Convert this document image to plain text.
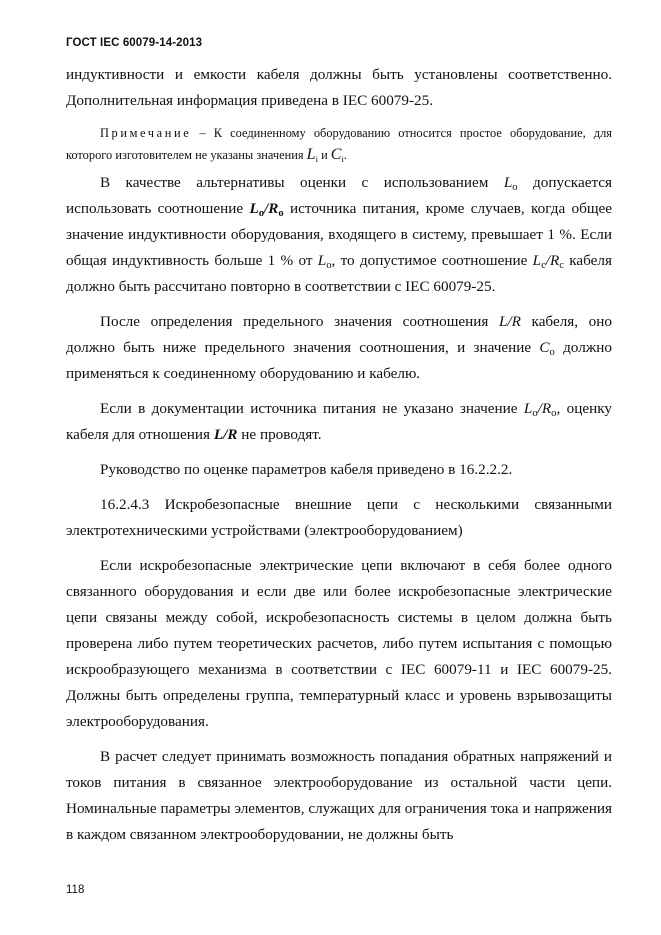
ГОСТ IEC 60079-14-2013

индуктивности и емкости кабеля должны быть установлены соответственно. Дополнительная информация приведена в IEC 60079-25.

Примечание – К соединенному оборудованию относится простое оборудование, для которого изготовителем не указаны значения $L_i$ и $C_i$.

В качестве альтернативы оценки с использованием $L_o$ допускается использовать соотношение $L_o/R_o$ источника питания, кроме случаев, когда общее значение индуктивности оборудования, входящего в систему, превышает 1 %. Если общая индуктивность больше 1 % от $L_o$, то допустимое соотношение $L_c/R_c$ кабеля должно быть рассчитано повторно в соответствии с IEC 60079-25.

После определения предельного значения соотношения L/R кабеля, оно должно быть ниже предельного значения соотношения, и значение $C_o$ должно применяться к соединенному оборудованию и кабелю.

Если в документации источника питания не указано значение $L_o/R_o$, оценку кабеля для отношения L/R не проводят.

Руководство по оценке параметров кабеля приведено в 16.2.2.2.

16.2.4.3 Искробезопасные внешние цепи с несколькими связанными электротехническими устройствами (электрооборудованием)

Если искробезопасные электрические цепи включают в себя более одного связанного оборудования и если две или более искробезопасные электрические цепи связаны между собой, искробезопасность системы в целом должна быть проверена либо путем теоретических расчетов, либо путем испытания с помощью искрообразующего механизма в соответствии с IEC 60079-11 и IEC 60079-25. Должны быть определены группа, температурный класс и уровень взрывозащиты электрооборудования.

В расчет следует принимать возможность попадания обратных напряжений и токов питания в связанное электрооборудование из остальной части цепи. Номинальные параметры элементов, служащих для ограничения тока и напряжения в каждом связанном электрооборудовании, не должны быть

118
